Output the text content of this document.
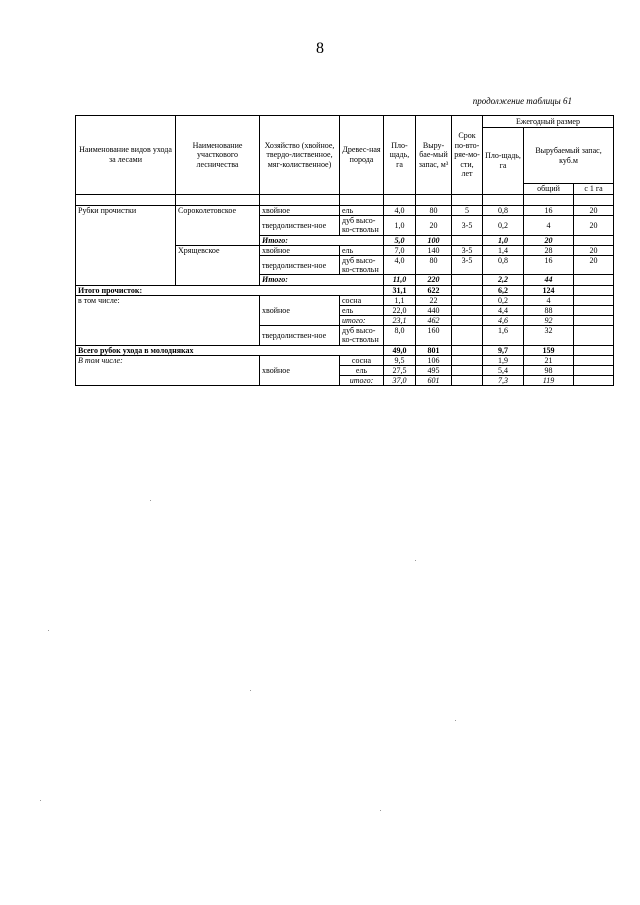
8
продолжение таблицы 61
Наименование видов ухода за лесами	Наименование участкового лесничества	Хозяйство (хвойное, твердо-лиственное, мяг-колиственное)	Древес-ная порода	Пло-щадь, га	Выру-бае-мый запас, м³	Срок по-вто-ряе-мо-сти, лет	Ежегодный размер		
							Пло-щадь, га	Вырубаемый запас, куб.м	
								общий	с 1 га

Рубки прочистки	Сороколетовское	хвойное	ель	4,0	80	5	0,8	16	20
		твердолиствен-ное	дуб высо-ко-ствольн	1,0	20	3-5	0,2	4	20
		Итого:		5,0	100		1,0	20	
	Хрящевское	хвойное	ель	7,0	140	3-5	1,4	28	20
		твердолиствен-ное	дуб высо-ко-ствольн	4,0	80	3-5	0,8	16	20
		Итого:		11,0	220		2,2	44	
Итого прочисток:				31,1	622		6,2	124	
в том числе:		хвойное	сосна	1,1	22		0,2	4	
			ель	22,0	440		4,4	88	
			итого:	23,1	462		4,6	92	
		твердолиствен-ное	дуб высо-ко-ствольн	8,0	160		1,6	32	
Всего рубок ухода в молодняках				49,0	801		9,7	159	
В том числе:		хвойное	сосна	9,5	106		1,9	21	
			ель	27,5	495		5,4	98	
			итого:	37,0	601		7,3	119	
